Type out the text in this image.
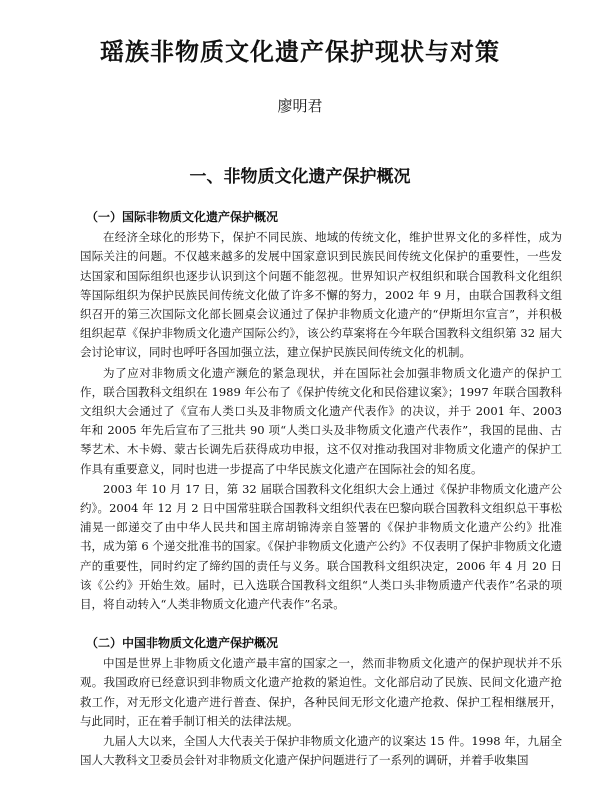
瑶族非物质文化遗产保护现状与对策
廖明君
一、非物质文化遗产保护概况
（一）国际非物质文化遗产保护概况
在经济全球化的形势下，保护不同民族、地域的传统文化，维护世界文化的多样性，成为国际关注的问题。不仅越来越多的发展中国家意识到民族民间传统文化保护的重要性，一些发达国家和国际组织也逐步认识到这个问题不能忽视。世界知识产权组织和联合国教科文化组织等国际组织为保护民族民间传统文化做了许多不懈的努力，2002 年 9 月，由联合国教科文组织召开的第三次国际文化部长圆桌会议通过了保护非物质文化遗产的“伊斯坦尔宣言”，并积极组织起草《保护非物质文化遗产国际公约》，该公约草案将在今年联合国教科文组织第 32 届大会讨论审议，同时也呼吁各国加强立法，建立保护民族民间传统文化的机制。
为了应对非物质文化遗产濒危的紧急现状，并在国际社会加强非物质文化遗产的保护工作，联合国教科文组织在 1989 年公布了《保护传统文化和民俗建议案》；1997 年联合国教科文组织大会通过了《宣布人类口头及非物质文化遗产代表作》的决议，并于 2001 年、2003 年和 2005 年先后宣布了三批共 90 项“人类口头及非物质文化遗产代表作”，我国的昆曲、古琴艺术、木卡姆、蒙古长调先后获得成功申报，这不仅对推动我国对非物质文化遗产的保护工作具有重要意义，同时也进一步提高了中华民族文化遗产在国际社会的知名度。
2003 年 10 月 17 日，第 32 届联合国教科文化组织大会上通过《保护非物质文化遗产公约》。2004 年 12 月 2 日中国常驻联合国教科文组织代表在巴黎向联合国教科文组织总干事松浦晃一郎递交了由中华人民共和国主席胡锦涛亲自签署的《保护非物质文化遗产公约》批准书，成为第 6 个递交批准书的国家。《保护非物质文化遗产公约》不仅表明了保护非物质文化遗产的重要性，同时约定了缔约国的责任与义务。联合国教科文组织决定，2006 年 4 月 20 日该《公约》开始生效。届时，已入选联合国教科文组织“人类口头非物质遗产代表作”名录的项目，将自动转入“人类非物质文化遗产代表作”名录。
（二）中国非物质文化遗产保护概况
中国是世界上非物质文化遗产最丰富的国家之一，然而非物质文化遗产的保护现状并不乐观。我国政府已经意识到非物质文化遗产抢救的紧迫性。文化部启动了民族、民间文化遗产抢救工作，对无形文化遗产进行普查、保护，各种民间无形文化遗产抢救、保护工程相继展开，与此同时，正在着手制订相关的法律法规。
九届人大以来，全国人大代表关于保护非物质文化遗产的议案达 15 件。1998 年，九届全国人大教科文卫委员会针对非物质文化遗产保护问题进行了一系列的调研，并着手收集国
